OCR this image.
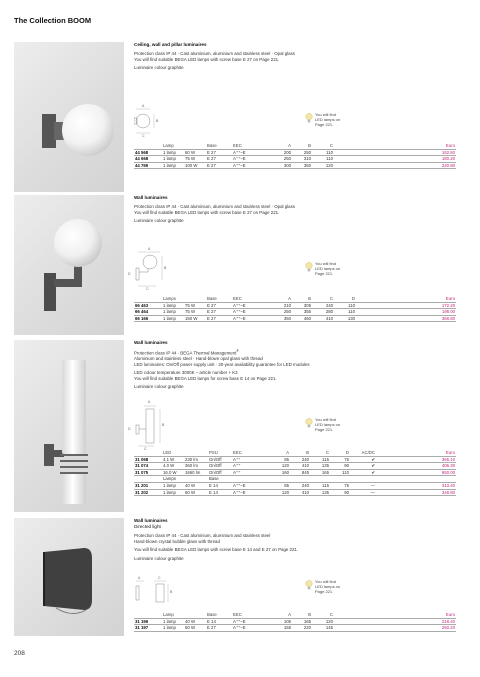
The Collection BOOM
Ceiling, wall and pillar luminaires
Protection class IP 44 · Cast aluminium, aluminium and stainless steel · Opal glass
You will find suitable BEGA LED lamps with screw base E 27 on Page 221.
Luminaire colour graphite
A
B
C
You will find
LED lamps on
Page 221.
	Lamp		Base	EEC	A	B	C		Euro
44 568	1 lamp	60 W	E 27	A⁺⁺–E	200	250	110		162.50
44 668	1 lamp	75 W	E 27	A⁺⁺–E	250	310	110		180.20
44 769	1 lamp	100 W	E 27	A⁺⁺–E	300	350	120		220.80
Wall luminaires
Protection class IP 44 · Cast aluminium, aluminium and stainless steel · Opal glass
You will find suitable BEGA LED lamps with screw base E 27 on Page 221.
Luminaire colour graphite
A
B
C
D
You will find
LED lamps on
Page 221.
	Lamps		Base	EEC	A	B	C	D		Euro
66 463	1 lamp	75 W	E 27	A⁺⁺–E	210	305	240	110		172.20
66 464	1 lamp	75 W	E 27	A⁺⁺–E	250	355	280	110		198.00
66 166	1 lamp	150 W	E 27	A⁺⁺–E	350	460	410	130		368.80
Wall luminaires
Protection class IP 44 · BEGA Thermal Management®
Aluminium and stainless steel · Hand-blown opal glass with thread
LED luminaires: On/Off power supply unit · 20-year availability guarantee for LED modules
LED colour temperature 3000K – article number + K3
You will find suitable BEGA LED lamps for screw base E 14 on Page 221.
Luminaire colour graphite
A
B
C
D
You will find
LED lamps on
Page 221.
	LED		PSU	EEC	A	B	C	D	AC/DC		Euro
31 068	4.1 W	230 lm	On/Off	A⁺⁺	85	240	115	75	✔		365.10
31 074	4.0 W	360 lm	On/Off	A⁺⁺	120	410	135	90	✔		406.30
31 075	16.0 W	1660 lm	On/Off	A⁺⁺	160	845	165	110	✔		650.00
	Lamps		Base								
31 201	1 lamp	40 W	E 14	A⁺⁺–E	85	240	115	75	—		313.40
31 202	1 lamp	60 W	E 14	A⁺⁺–E	120	410	135	90	—		348.80
Wall luminaires
Directed light
Protection class IP 44 · Cast aluminium, aluminium and stainless steel
Hand-blown crystal bubble glass with thread
You will find suitable BEGA LED lamps with screw base E 14 and E 27 on Page 221.
Luminaire colour graphite
A	C
B
You will find
LED lamps on
Page 221.
	Lamp		Base	EEC	A	B	C		Euro
31 196	1 lamp	40 W	E 14	A⁺⁺–E	105	165	120		218.40
31 197	1 lamp	60 W	E 27	A⁺⁺–E	155	220	145		250.20
208
